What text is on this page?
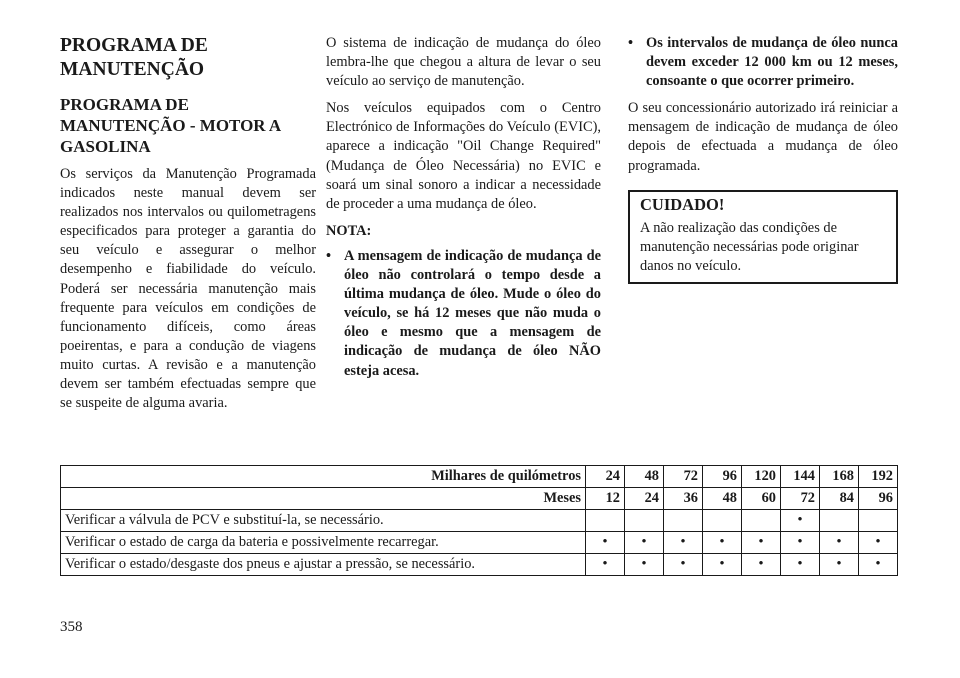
PROGRAMA DE MANUTENÇÃO
PROGRAMA DE MANUTENÇÃO - MOTOR A GASOLINA

Os serviços da Manutenção Programada indicados neste manual devem ser realizados nos intervalos ou quilometragens especificados para proteger a garantia do seu veículo e assegurar o melhor desempenho e fiabilidade do veículo. Poderá ser necessária manutenção mais frequente para veículos em condições de funcionamento difíceis, como áreas poeirentas, e para a condução de viagens muito curtas. A revisão e a manutenção devem ser também efectuadas sempre que se suspeite de alguma avaria.

O sistema de indicação de mudança do óleo lembra-lhe que chegou a altura de levar o seu veículo ao serviço de manutenção.

Nos veículos equipados com o Centro Electrónico de Informações do Veículo (EVIC), aparece a indicação "Oil Change Required" (Mudança de Óleo Necessária) no EVIC e soará um sinal sonoro a indicar a necessidade de proceder a uma mudança de óleo.

NOTA:

• A mensagem de indicação de mudança de óleo não controlará o tempo desde a última mudança de óleo. Mude o óleo do veículo, se há 12 meses que não muda o óleo e mesmo que a mensagem de indicação de mudança de óleo NÃO esteja acesa.
• Os intervalos de mudança de óleo nunca devem exceder 12 000 km ou 12 meses, consoante o que ocorrer primeiro.

O seu concessionário autorizado irá reiniciar a mensagem de indicação de mudança de óleo depois de efectuada a mudança de óleo programada.

CUIDADO!

A não realização das condições de manutenção necessárias pode originar danos no veículo.

Milhares de quilómetros	24	48	72	96	120	144	168	192
Meses	12	24	36	48	60	72	84	96
Verificar a válvula de PCV e substituí-la, se necessário.						•		
Verificar o estado de carga da bateria e possivelmente recarregar.	•	•	•	•	•	•	•	•
Verificar o estado/desgaste dos pneus e ajustar a pressão, se necessário.	•	•	•	•	•	•	•	•
358
